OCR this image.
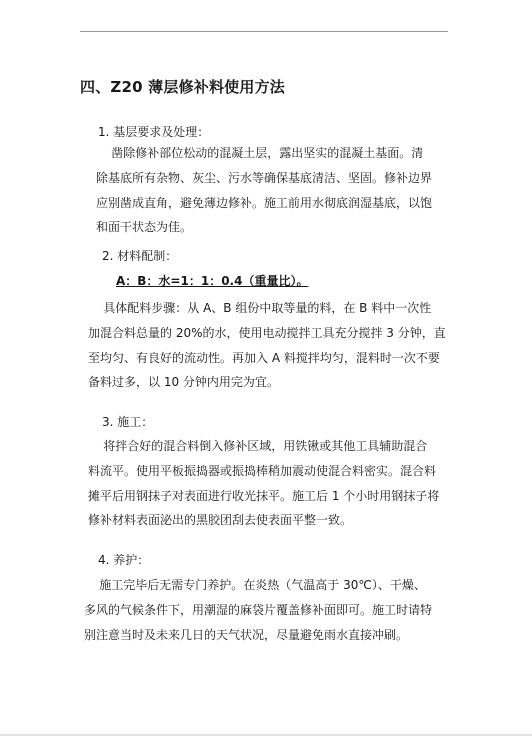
四、Z20 薄层修补料使用方法
1. 基层要求及处理：

凿除修补部位松动的混凝土层，露出坚实的混凝土基面。清
除基底所有杂物、灰尘、污水等确保基底清洁、坚固。修补边界
应别凿成直角，避免薄边修补。施工前用水彻底润湿基底，以饱
和面干状态为佳。

2. 材料配制：
A：B：水=1：1：0.4（重量比）。

具体配料步骤：从 A、B 组份中取等量的料，在 B 料中一次性
加混合料总量的 20%的水，使用电动搅拌工具充分搅拌 3 分钟，直
至均匀、有良好的流动性。再加入 A 料搅拌均匀，混料时一次不要
备料过多，以 10 分钟内用完为宜。

3. 施工：

将拌合好的混合料倒入修补区域，用铁锹或其他工具辅助混合
料流平。使用平板振捣器或振捣棒稍加震动使混合料密实。混合料
摊平后用钢抹子对表面进行收光抹平。施工后 1 个小时用钢抹子将
修补材料表面泌出的黑胶团刮去使表面平整一致。

4. 养护：

施工完毕后无需专门养护。在炎热（气温高于 30℃）、干燥、
多风的气候条件下，用潮湿的麻袋片覆盖修补面即可。施工时请特
别注意当时及未来几日的天气状况，尽量避免雨水直接冲刷。
